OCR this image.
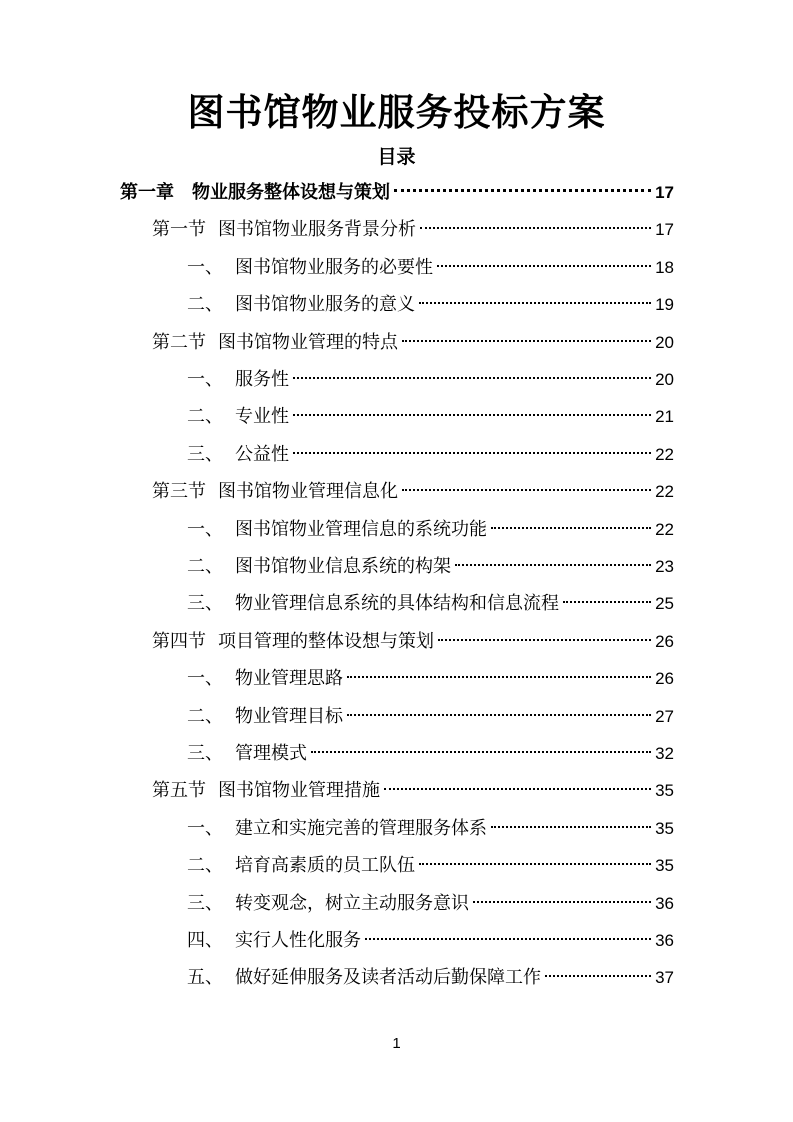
图书馆物业服务投标方案
目录
第一章 物业服务整体设想与策划	17
第一节 图书馆物业服务背景分析	17
一、 图书馆物业服务的必要性	18
二、 图书馆物业服务的意义	19
第二节 图书馆物业管理的特点	20
一、 服务性	20
二、 专业性	21
三、 公益性	22
第三节 图书馆物业管理信息化	22
一、 图书馆物业管理信息的系统功能	22
二、 图书馆物业信息系统的构架	23
三、 物业管理信息系统的具体结构和信息流程	25
第四节 项目管理的整体设想与策划	26
一、 物业管理思路	26
二、 物业管理目标	27
三、 管理模式	32
第五节 图书馆物业管理措施	35
一、 建立和实施完善的管理服务体系	35
二、 培育高素质的员工队伍	35
三、 转变观念，树立主动服务意识	36
四、 实行人性化服务	36
五、 做好延伸服务及读者活动后勤保障工作	37
1
